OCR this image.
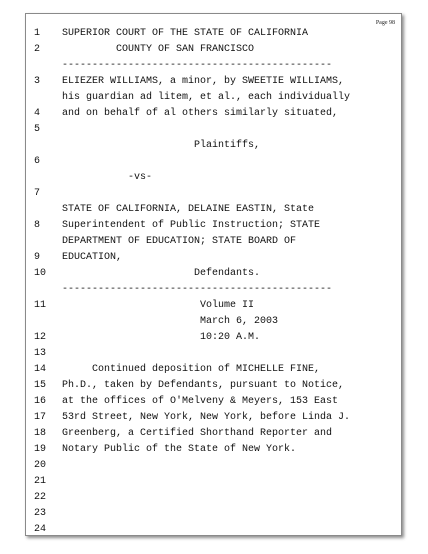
Page 98
1	SUPERIOR COURT OF THE STATE OF CALIFORNIA
2	COUNTY OF SAN FRANCISCO
---------------------------------------------
3	ELIEZER WILLIAMS, a minor, by SWEETIE WILLIAMS,
his guardian ad litem, et al., each individually
4	and on behalf of al others similarly situated,
5
Plaintiffs,
6
-vs-
7
STATE OF CALIFORNIA, DELAINE EASTIN, State
8	Superintendent of Public Instruction; STATE
DEPARTMENT OF EDUCATION; STATE BOARD OF
9	EDUCATION,
10 Defendants.
---------------------------------------------
11 Volume II
March 6, 2003
12 10:20 A.M.
13
14 Continued deposition of MICHELLE FINE,
15 Ph.D., taken by Defendants, pursuant to Notice,
16 at the offices of O'Melveny & Meyers, 153 East
17 53rd Street, New York, New York, before Linda J.
18 Greenberg, a Certified Shorthand Reporter and
19 Notary Public of the State of New York.
20
21
22
23
24
